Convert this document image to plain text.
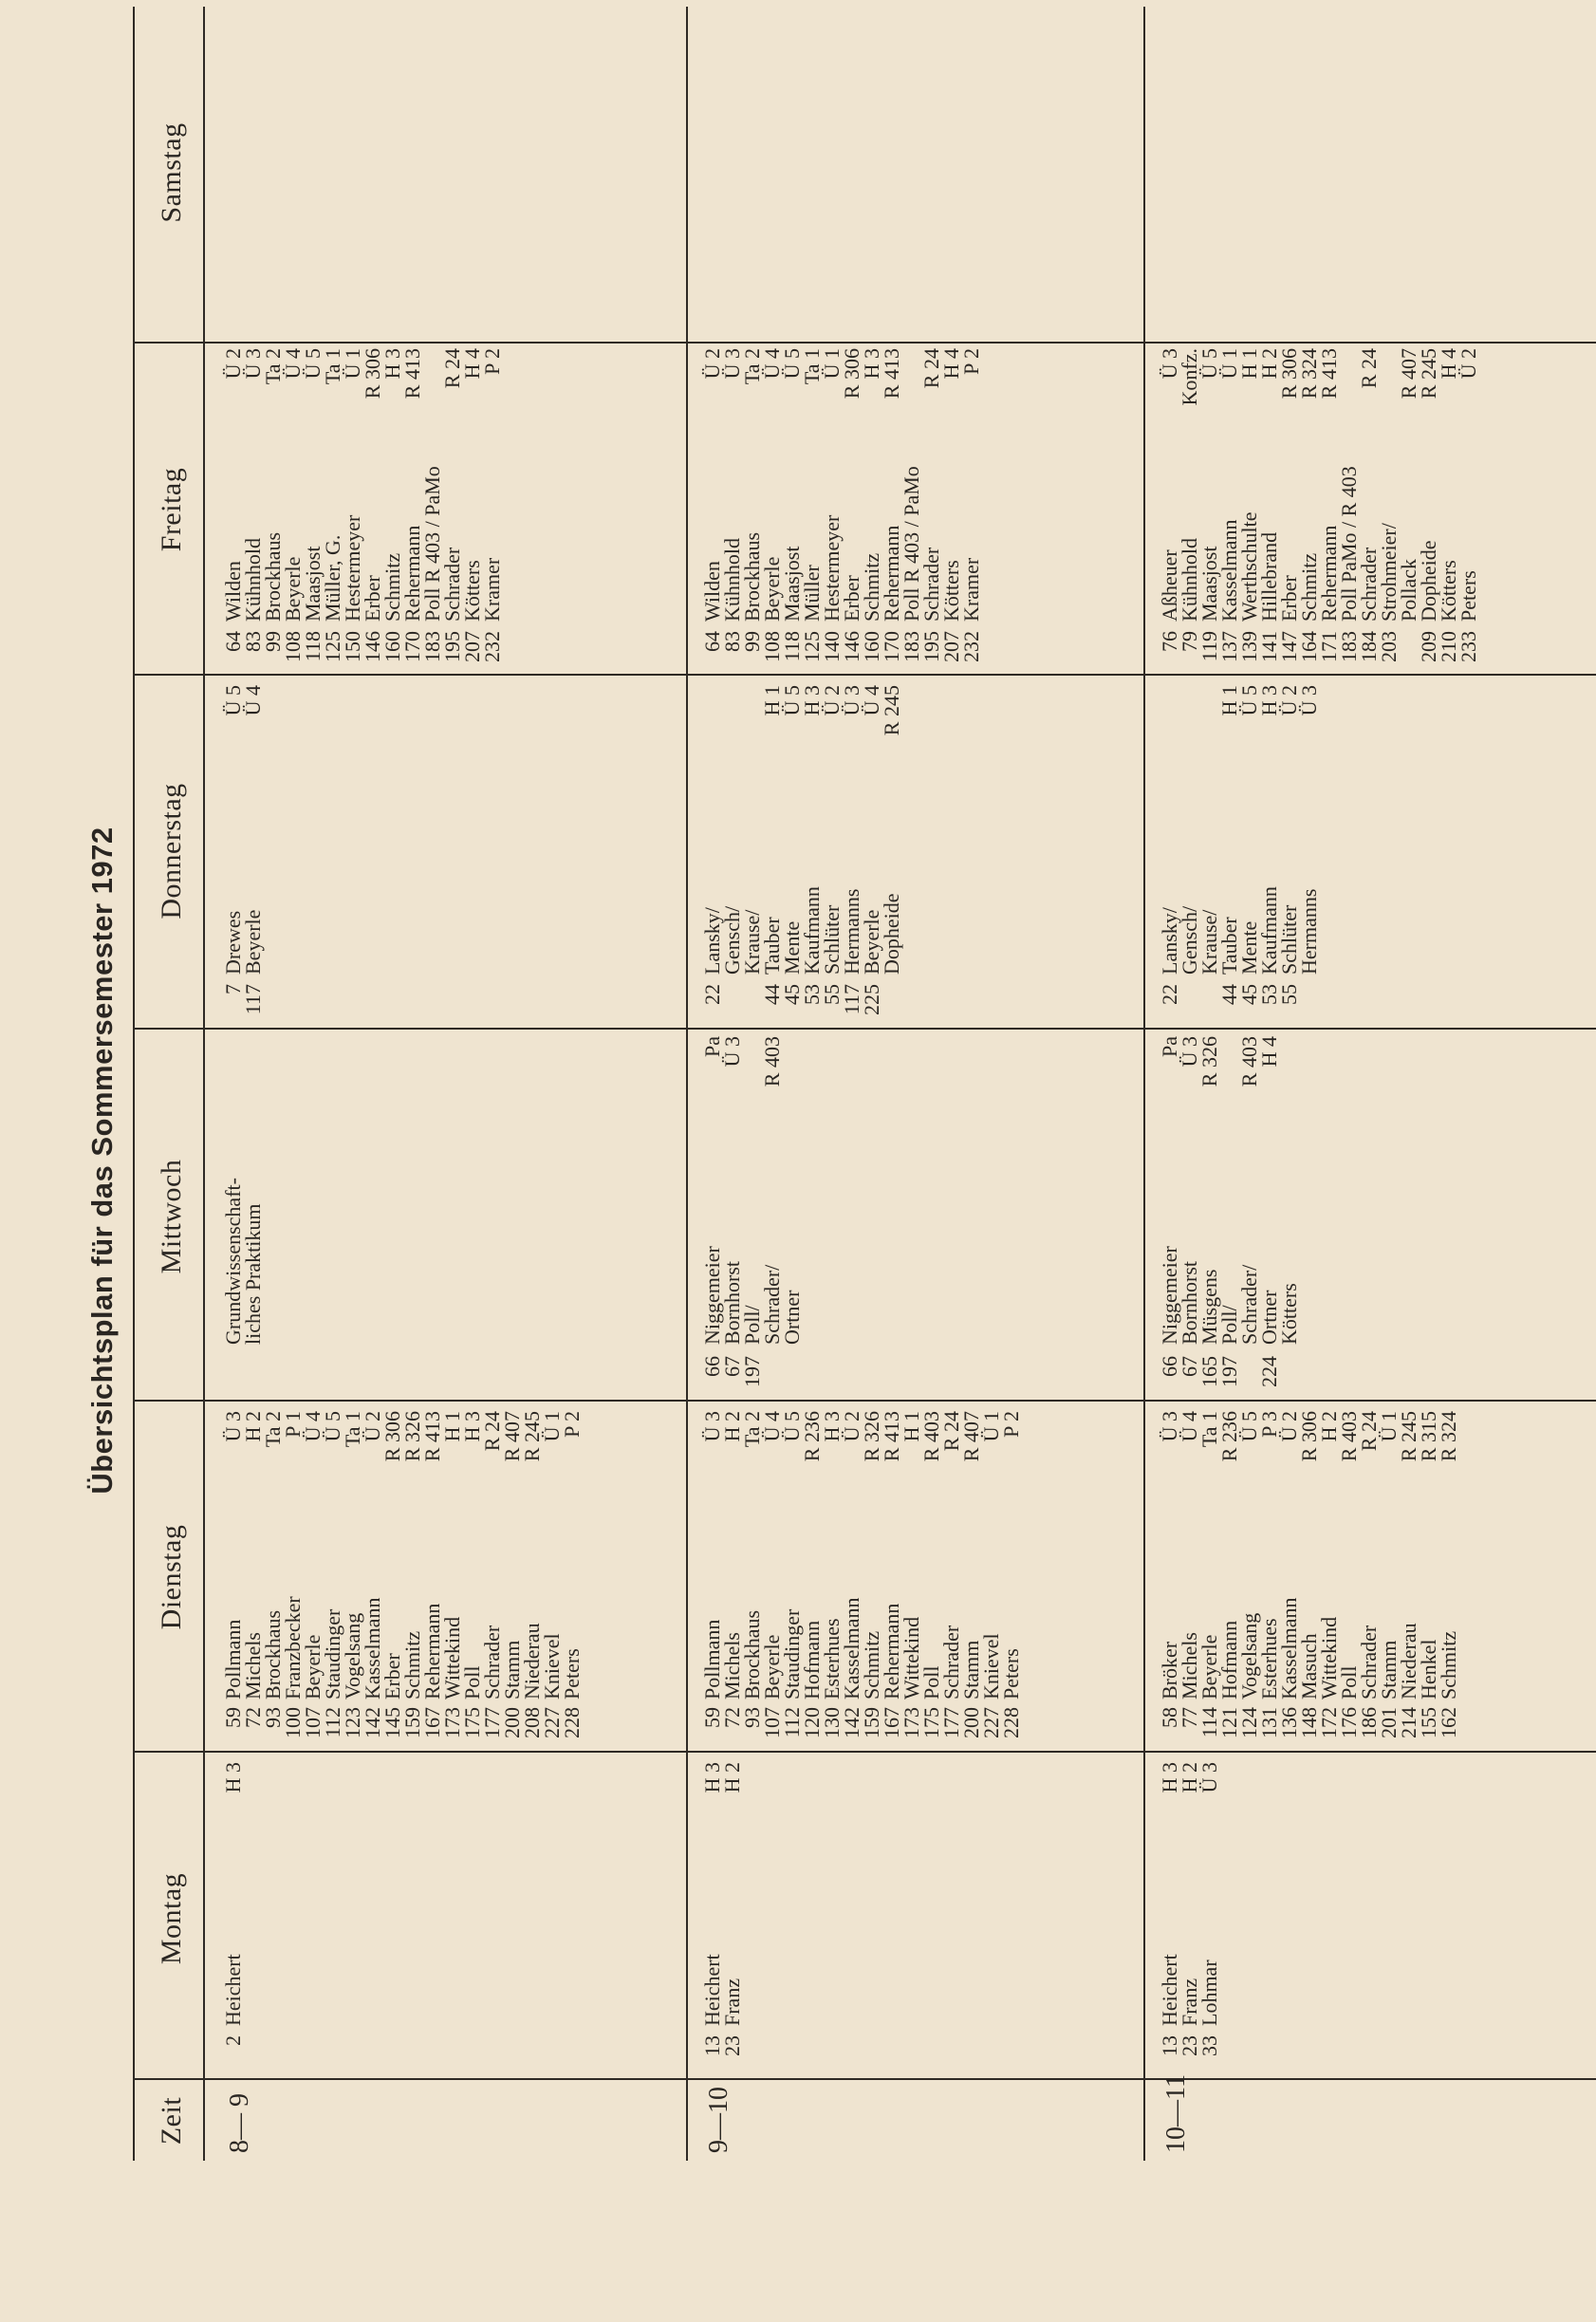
Übersichtsplan für das Sommersemester 1972
Zeit
Montag
Dienstag
Mittwoch
Donnerstag
Freitag
Samstag
8— 9
2
Heichert
H 3
59
72
93
100
107
112
123
142
145
159
167
173
175
177
200
208
227
228
Pollmann
Michels
Brockhaus
Franzbecker
Beyerle
Staudinger
Vogelsang
Kasselmann
Erber
Schmitz
Rehermann
Wittekind
Poll
Schrader
Stamm
Niederau
Knievel
Peters
Ü 3
H 2
Ta 2
P 1
Ü 4
Ü 5
Ta 1
Ü 2
R 306
R 326
R 413
H 1
H 3
R 24
R 407
R 245
Ü 1
P 2
Grundwissenschaft-
liches Praktikum
7
117
Drewes
Beyerle
Ü 5
Ü 4
64
83
99
108
118
125
150
146
160
170
183
195
207
232
Wilden
Kühnhold
Brockhaus
Beyerle
Maasjost
Müller, G.
Hestermeyer
Erber
Schmitz
Rehermann
Poll R 403 / PaMo
Schrader
Kötters
Kramer
Ü 2
Ü 3
Ta 2
Ü 4
Ü 5
Ta 1
Ü 1
R 306
H 3
R 413 R 24
H 4
P 2
9—10
13
23
Heichert
Franz
H 3
H 2
59
72
93
107
112
120
130
142
159
167
173
175
177
200
227
228
Pollmann
Michels
Brockhaus
Beyerle
Staudinger
Hofmann
Esterhues
Kasselmann
Schmitz
Rehermann
Wittekind
Poll
Schrader
Stamm
Knievel
Peters
Ü 3
H 2
Ta 2
Ü 4
Ü 5
R 236
H 3
Ü 2
R 326
R 413
H 1
R 403
R 24
R 407
Ü 1
P 2
66
67
197
Niggemeier
Bornhorst
Poll/
Schrader/
Ortner
Pa
Ü 3 R 403
22 44
45
53
55
117
225
Lansky/
Gensch/
Krause/
Tauber
Mente
Kaufmann
Schlüter
Hermanns
Beyerle
Dopheide
H 1
Ü 5
H 3
Ü 2
Ü 3
Ü 4
R 245
64
83
99
108
118
125
140
146
160
170
183
195
207
232
Wilden
Kühnhold
Brockhaus
Beyerle
Maasjost
Müller
Hestermeyer
Erber
Schmitz
Rehermann
Poll R 403 / PaMo
Schrader
Kötters
Kramer
Ü 2
Ü 3
Ta 2
Ü 4
Ü 5
Ta 1
Ü 1
R 306
H 3
R 413 R 24
H 4
P 2
10—11
13
23
33
Heichert
Franz
Lohmar
H 3
H 2
Ü 3
58
77
114
121
124
131
136
148
172
176
186
201
214
155
162
Bröker
Michels
Beyerle
Hofmann
Vogelsang
Esterhues
Kasselmann
Masuch
Wittekind
Poll
Schrader
Stamm
Niederau
Henkel
Schmitz
Ü 3
Ü 4
Ta 1
R 236
Ü 5
P 3
Ü 2
R 306
H 2
R 403
R 24
Ü 1
R 245
R 315
R 324
66
67
165
197 224
Niggemeier
Bornhorst
Müsgens
Poll/
Schrader/
Ortner
Kötters
Pa
Ü 3
R 326 R 403
H 4
22 44
45
53
55
Lansky/
Gensch/
Krause/
Tauber
Mente
Kaufmann
Schlüter
Hermanns
H 1
Ü 5
H 3
Ü 2
Ü 3
76
79
119
137
139
141
147
164
171
183
184
203 209
210
233
Aßheuer
Kühnhold
Maasjost
Kasselmann
Werthschulte
Hillebrand
Erber
Schmitz
Rehermann
Poll PaMo / R 403
Schrader
Strohmeier/
Pollack
Dopheide
Kötters
Peters
Ü 3
Konfz.
Ü 5
Ü 1
H 1
H 2
R 306
R 324
R 413 R 24 R 407
R 245
H 4
Ü 2
